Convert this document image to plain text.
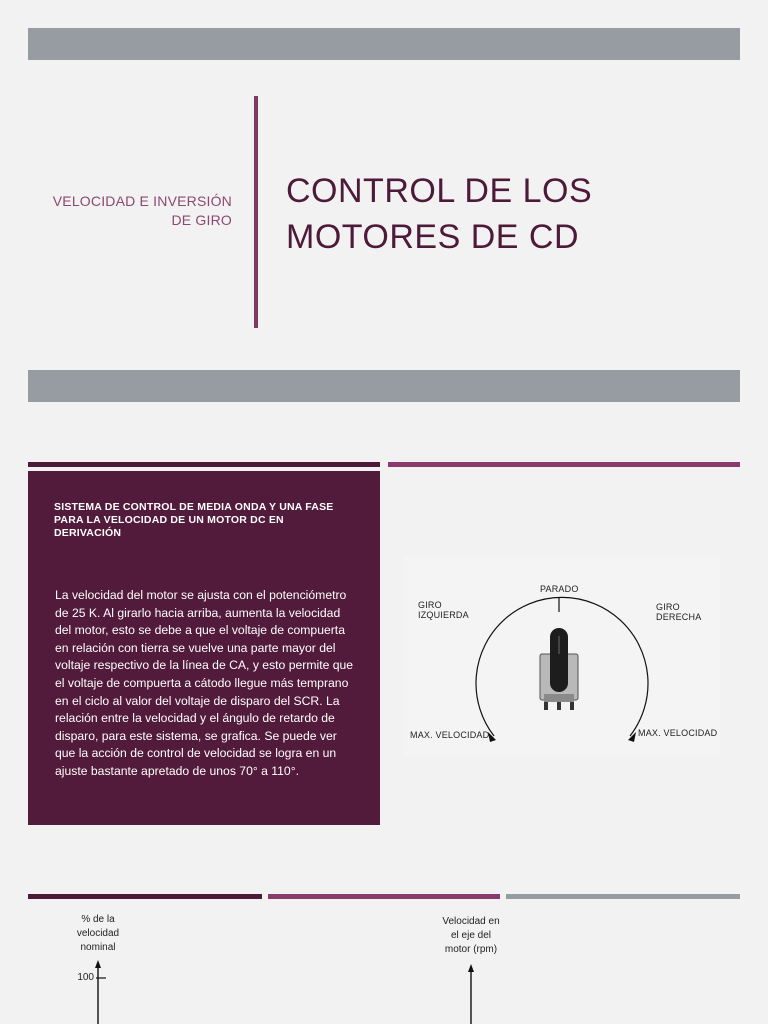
VELOCIDAD E INVERSIÓN DE GIRO
CONTROL DE LOS MOTORES DE CD
SISTEMA DE CONTROL DE MEDIA ONDA Y UNA FASE PARA LA VELOCIDAD DE UN MOTOR DC EN DERIVACIÓN
La velocidad del motor se ajusta con el potenciómetro de 25 K. Al girarlo hacia arriba, aumenta la velocidad del motor, esto se debe a que el voltaje de compuerta en relación con tierra se vuelve una parte mayor del voltaje respectivo de la línea de CA, y esto permite que el voltaje de compuerta a cátodo llegue más temprano en el ciclo al valor del voltaje de disparo del SCR. La relación entre la velocidad y el ángulo de retardo de disparo, para este sistema, se grafica. Se puede ver que la acción de control de velocidad se logra en un ajuste bastante apretado de unos 70° a 110°.
PARADO
GIRO
IZQUIERDA
GIRO
DERECHA
MAX. VELOCIDAD	MAX. VELOCIDAD
% de la
velocidad
nominal
100
Velocidad en
el eje del
motor (rpm)
